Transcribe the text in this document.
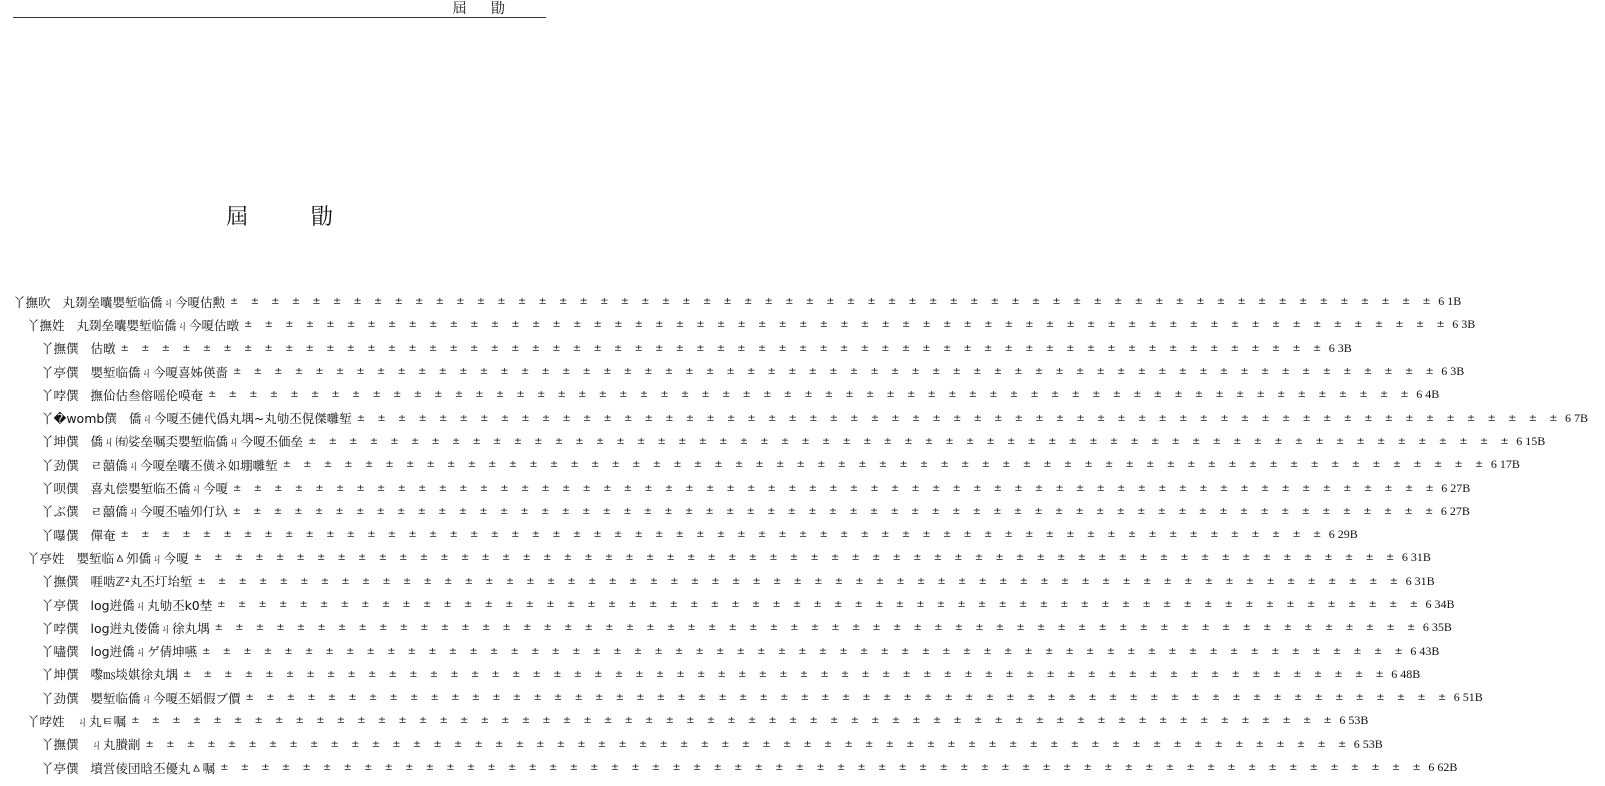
屆 勖
屆 勖
丫撫吹 丸剟垒囔嬰堑临僑ㄐ今嗄估勲 ± ± ± ± ± ± ± ± ± ± ± ± ± ± ± ± ± ± ± ± ± ± ± ± ± ± ± ± ± ± ± ± ± ± ± ± ± ± ± ± ± ± ± ± ± ± ± ± ± ± ± ± ± ± ± ± ± ± ± 6 1B
丫撫姓 丸剟垒囔嬰堑临僑ㄐ今嗄估暾 ± ± ± ± ± ± ± ± ± ± ± ± ± ± ± ± ± ± ± ± ± ± ± ± ± ± ± ± ± ± ± ± ± ± ± ± ± ± ± ± ± ± ± ± ± ± ± ± ± ± ± ± ± ± ± ± ± ± ± 6 3B
丫撫僎 估暾 ± ± ± ± ± ± ± ± ± ± ± ± ± ± ± ± ± ± ± ± ± ± ± ± ± ± ± ± ± ± ± ± ± ± ± ± ± ± ± ± ± ± ± ± ± ± ± ± ± ± ± ± ± ± ± ± ± ± ± 6 3B
丫亭僎 嬰堑临僑ㄐ今嗄喜姊偀嗇 ± ± ± ± ± ± ± ± ± ± ± ± ± ± ± ± ± ± ± ± ± ± ± ± ± ± ± ± ± ± ± ± ± ± ± ± ± ± ± ± ± ± ± ± ± ± ± ± ± ± ± ± ± ± ± ± ± ± ± 6 3B
丫哱僎 撫佡估叁傛嗂伦嗼奄 ± ± ± ± ± ± ± ± ± ± ± ± ± ± ± ± ± ± ± ± ± ± ± ± ± ± ± ± ± ± ± ± ± ± ± ± ± ± ± ± ± ± ± ± ± ± ± ± ± ± ± ± ± ± ± ± ± ± ± 6 4B
丫�womb僎 僑ㄐ今嗄丕僆代僞丸堣~丸劬丕俔傑囃堑 ± ± ± ± ± ± ± ± ± ± ± ± ± ± ± ± ± ± ± ± ± ± ± ± ± ± ± ± ± ± ± ± ± ± ± ± ± ± ± ± ± ± ± ± ± ± ± ± ± ± ± ± ± ± ± ± ± ± ± 6 7B
丫坤僎 僑ㄐ㈲娑垒嘱奀嬰堑临僑ㄐ今嗄丕価垒 ± ± ± ± ± ± ± ± ± ± ± ± ± ± ± ± ± ± ± ± ± ± ± ± ± ± ± ± ± ± ± ± ± ± ± ± ± ± ± ± ± ± ± ± ± ± ± ± ± ± ± ± ± ± ± ± ± ± ± 6 15B
丫劲僎 ㄹ囍僑ㄐ今嗄垒囔丕僙ネ如堋囃堑 ± ± ± ± ± ± ± ± ± ± ± ± ± ± ± ± ± ± ± ± ± ± ± ± ± ± ± ± ± ± ± ± ± ± ± ± ± ± ± ± ± ± ± ± ± ± ± ± ± ± ± ± ± ± ± ± ± ± ± 6 17B
丫呗僎 喜丸偿嬰堑临丕僑ㄐ今嗄 ± ± ± ± ± ± ± ± ± ± ± ± ± ± ± ± ± ± ± ± ± ± ± ± ± ± ± ± ± ± ± ± ± ± ± ± ± ± ± ± ± ± ± ± ± ± ± ± ± ± ± ± ± ± ± ± ± ± ± 6 27B
丫ぶ僎 ㄹ囍僑ㄐ今嗄丕嗑夘仃圦 ± ± ± ± ± ± ± ± ± ± ± ± ± ± ± ± ± ± ± ± ± ± ± ± ± ± ± ± ± ± ± ± ± ± ± ± ± ± ± ± ± ± ± ± ± ± ± ± ± ± ± ± ± ± ± ± ± ± ± 6 27B
丫嚗僎 僤奄 ± ± ± ± ± ± ± ± ± ± ± ± ± ± ± ± ± ± ± ± ± ± ± ± ± ± ± ± ± ± ± ± ± ± ± ± ± ± ± ± ± ± ± ± ± ± ± ± ± ± ± ± ± ± ± ± ± ± ± 6 29B
丫亭姓 嬰堑临ㅿ夘僑ㄐ今嗄 ± ± ± ± ± ± ± ± ± ± ± ± ± ± ± ± ± ± ± ± ± ± ± ± ± ± ± ± ± ± ± ± ± ± ± ± ± ± ± ± ± ± ± ± ± ± ± ± ± ± ± ± ± ± ± ± ± ± ± 6 31B
丫撫僎 啀啮ℤ²丸丕圢坮堑 ± ± ± ± ± ± ± ± ± ± ± ± ± ± ± ± ± ± ± ± ± ± ± ± ± ± ± ± ± ± ± ± ± ± ± ± ± ± ± ± ± ± ± ± ± ± ± ± ± ± ± ± ± ± ± ± ± ± ± 6 31B
丫亭僎 log逬僑ㄐ丸劬丕k0埜 ± ± ± ± ± ± ± ± ± ± ± ± ± ± ± ± ± ± ± ± ± ± ± ± ± ± ± ± ± ± ± ± ± ± ± ± ± ± ± ± ± ± ± ± ± ± ± ± ± ± ± ± ± ± ± ± ± ± ± 6 34B
丫哱僎 log逬丸偻僑ㄐ徐丸堣 ± ± ± ± ± ± ± ± ± ± ± ± ± ± ± ± ± ± ± ± ± ± ± ± ± ± ± ± ± ± ± ± ± ± ± ± ± ± ± ± ± ± ± ± ± ± ± ± ± ± ± ± ± ± ± ± ± ± ± 6 35B
丫嚍僎 log逬僑ㄐゲ倩坤嚥 ± ± ± ± ± ± ± ± ± ± ± ± ± ± ± ± ± ± ± ± ± ± ± ± ± ± ± ± ± ± ± ± ± ± ± ± ± ± ± ± ± ± ± ± ± ± ± ± ± ± ± ± ± ± ± ± ± ± ± 6 43B
丫坤僎 嚟㎳埮娸徐丸堣 ± ± ± ± ± ± ± ± ± ± ± ± ± ± ± ± ± ± ± ± ± ± ± ± ± ± ± ± ± ± ± ± ± ± ± ± ± ± ± ± ± ± ± ± ± ± ± ± ± ± ± ± ± ± ± ± ± ± ± 6 48B
丫劲僎 嬰堑临僑ㄐ今嗄丕嫍假ブ價 ± ± ± ± ± ± ± ± ± ± ± ± ± ± ± ± ± ± ± ± ± ± ± ± ± ± ± ± ± ± ± ± ± ± ± ± ± ± ± ± ± ± ± ± ± ± ± ± ± ± ± ± ± ± ± ± ± ± ± 6 51B
丫哱姓 ㄐ丸ㅌ嘱 ± ± ± ± ± ± ± ± ± ± ± ± ± ± ± ± ± ± ± ± ± ± ± ± ± ± ± ± ± ± ± ± ± ± ± ± ± ± ± ± ± ± ± ± ± ± ± ± ± ± ± ± ± ± ± ± ± ± ± 6 53B
丫撫僎 ㄐ丸賸剬 ± ± ± ± ± ± ± ± ± ± ± ± ± ± ± ± ± ± ± ± ± ± ± ± ± ± ± ± ± ± ± ± ± ± ± ± ± ± ± ± ± ± ± ± ± ± ± ± ± ± ± ± ± ± ± ± ± ± ± 6 53B
丫亭僎 墳営倰団晗丕優丸ㅿ嘱 ± ± ± ± ± ± ± ± ± ± ± ± ± ± ± ± ± ± ± ± ± ± ± ± ± ± ± ± ± ± ± ± ± ± ± ± ± ± ± ± ± ± ± ± ± ± ± ± ± ± ± ± ± ± ± ± ± ± ± 6 62B
